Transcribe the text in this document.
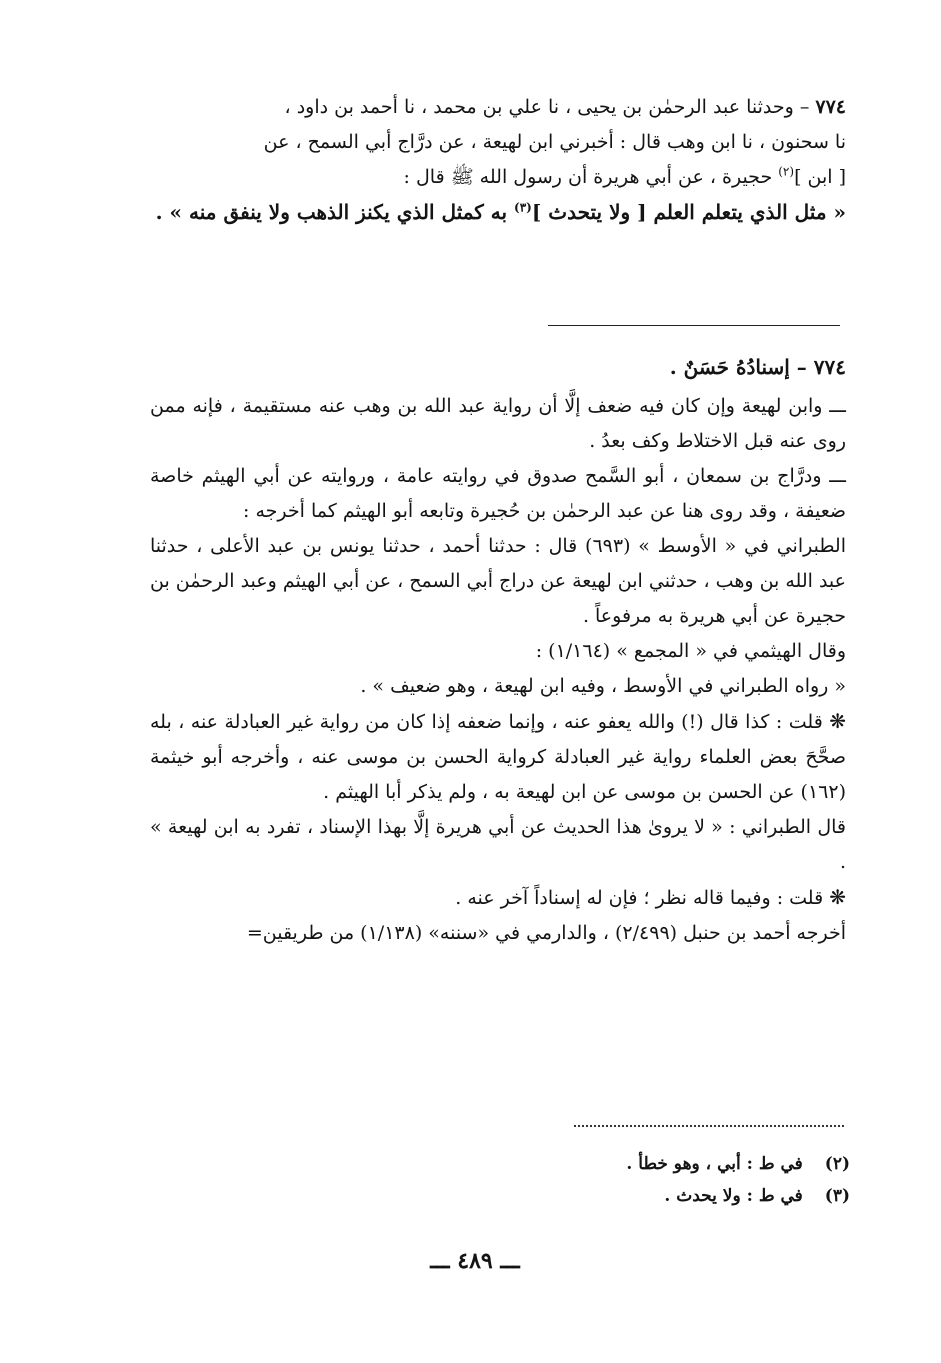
٧٧٤ – وحدثنا عبد الرحمٰن بن يحيى ، نا علي بن محمد ، نا أحمد بن داود ،
نا سحنون ، نا ابن وهب قال : أخبرني ابن لهيعة ، عن درَّاج أبي السمح ، عن
[ ابن ]$^{(٢)}$ حجيرة ، عن أبي هريرة أن رسول الله ﷺ قال :
« مثل الذي يتعلم العلم [ ولا يتحدث ]$^{(٣)}$ به كمثل الذي يكنز الذهب ولا ينفق منه » .

٧٧٤ – إسنادُهُ حَسَنٌ .

ـــ وابن لهيعة وإن كان فيه ضعف إلَّا أن رواية عبد الله بن وهب عنه مستقيمة ، فإنه ممن روى عنه قبل الاختلاط وكف بعدُ .

ـــ ودرَّاج بن سمعان ، أبو السَّمح صدوق في روايته عامة ، وروايته عن أبي الهيثم خاصة ضعيفة ، وقد روى هنا عن عبد الرحمٰن بن حُجيرة وتابعه أبو الهيثم كما أخرجه :

الطبراني في « الأوسط » (٦٩٣) قال : حدثنا أحمد ، حدثنا يونس بن عبد الأعلى ، حدثنا عبد الله بن وهب ، حدثني ابن لهيعة عن دراج أبي السمح ، عن أبي الهيثم وعبد الرحمٰن بن حجيرة عن أبي هريرة به مرفوعاً .

وقال الهيثمي في « المجمع » (١/١٦٤) :

« رواه الطبراني في الأوسط ، وفيه ابن لهيعة ، وهو ضعيف » .

❋ قلت : كذا قال (!) والله يعفو عنه ، وإنما ضعفه إذا كان من رواية غير العبادلة عنه ، بله صحَّحَ بعض العلماء رواية غير العبادلة كرواية الحسن بن موسى عنه ، وأخرجه أبو خيثمة (١٦٢) عن الحسن بن موسى عن ابن لهيعة به ، ولم يذكر أبا الهيثم .

قال الطبراني : « لا يروىٰ هذا الحديث عن أبي هريرة إلَّا بهذا الإسناد ، تفرد به ابن لهيعة » .

❋ قلت : وفيما قاله نظر ؛ فإن له إسناداً آخر عنه .

أخرجه أحمد بن حنبل (٢/٤٩٩) ، والدارمي في «سننه» (١/١٣٨) من طريقين=

(٢)
في ط : أبي ، وهو خطأ .
(٣)
في ط : ولا يحدث .
ـــ ٤٨٩ ـــ
